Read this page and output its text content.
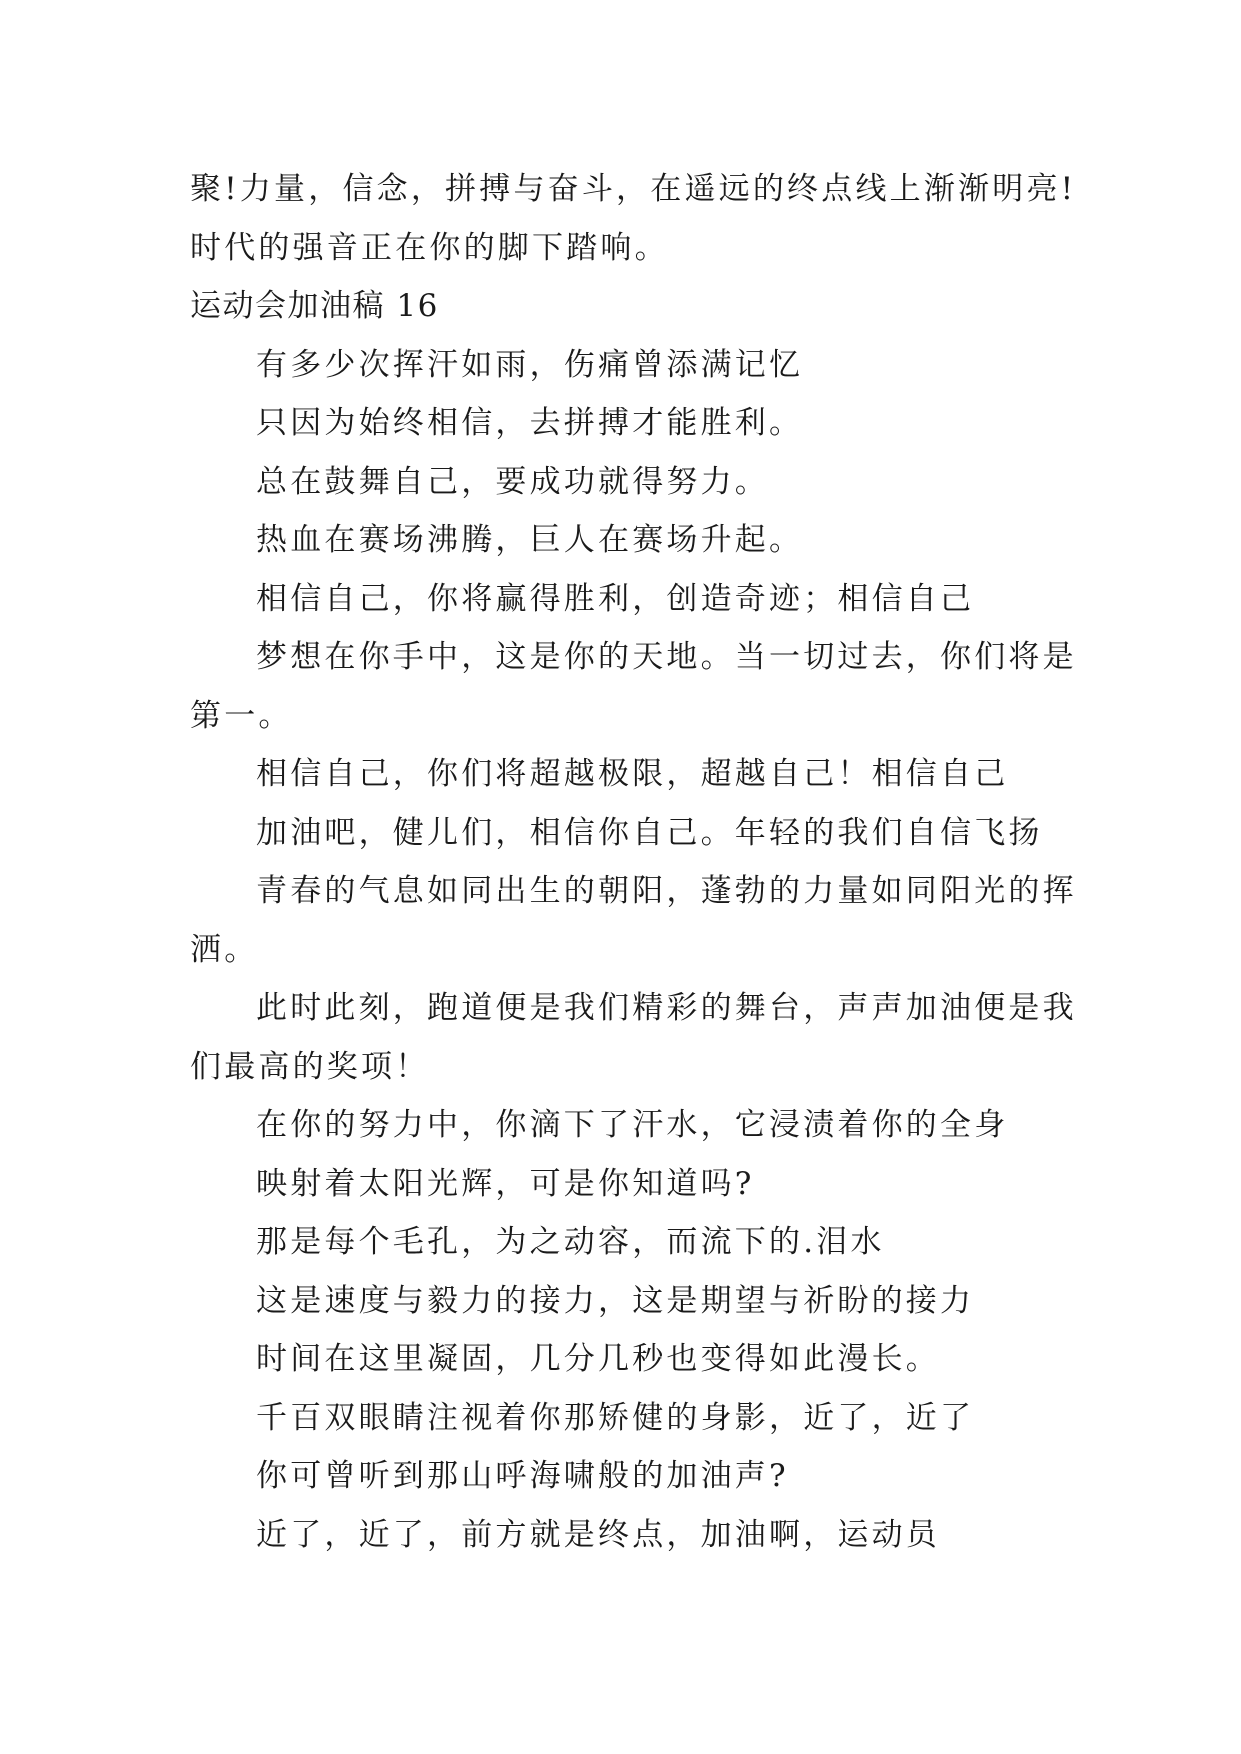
聚!力量，信念，拼搏与奋斗，在遥远的终点线上渐渐明亮!
时代的强音正在你的脚下踏响。
运动会加油稿 16
有多少次挥汗如雨，伤痛曾添满记忆
只因为始终相信，去拼搏才能胜利。
总在鼓舞自己，要成功就得努力。
热血在赛场沸腾，巨人在赛场升起。
相信自己，你将赢得胜利，创造奇迹；相信自己
梦想在你手中，这是你的天地。当一切过去，你们将是
第一。
相信自己，你们将超越极限，超越自己！相信自己
加油吧，健儿们，相信你自己。年轻的我们自信飞扬
青春的气息如同出生的朝阳，蓬勃的力量如同阳光的挥
洒。
此时此刻，跑道便是我们精彩的舞台，声声加油便是我
们最高的奖项！
在你的努力中，你滴下了汗水，它浸渍着你的全身
映射着太阳光辉，可是你知道吗?
那是每个毛孔，为之动容，而流下的.泪水
这是速度与毅力的接力，这是期望与祈盼的接力
时间在这里凝固，几分几秒也变得如此漫长。
千百双眼睛注视着你那矫健的身影，近了，近了
你可曾听到那山呼海啸般的加油声?
近了，近了，前方就是终点，加油啊，运动员
